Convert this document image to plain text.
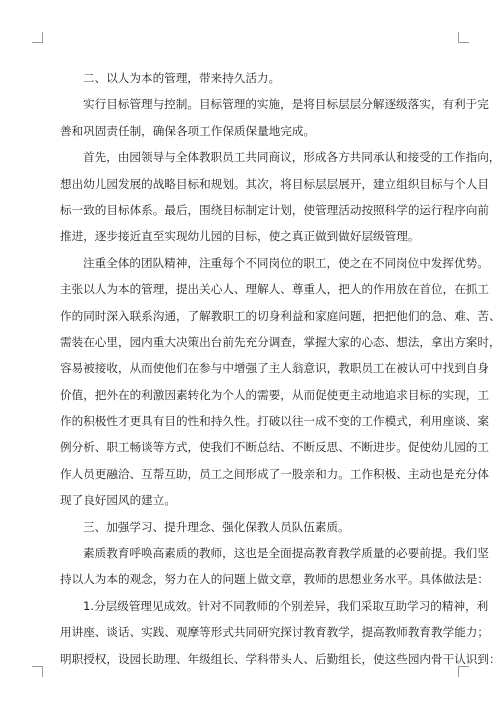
二、以人为本的管理，带来持久活力。
实行目标管理与控制。目标管理的实施，是将目标层层分解逐级落实，有利于完
善和巩固责任制，确保各项工作保质保量地完成。
首先，由园领导与全体教职员工共同商议，形成各方共同承认和接受的工作指向，
想出幼儿园发展的战略目标和规划。其次，将目标层层展开，建立组织目标与个人目
标一致的目标体系。最后，围绕目标制定计划，使管理活动按照科学的运行程序向前
推进，逐步接近直至实现幼儿园的目标，使之真正做到做好层级管理。
注重全体的团队精神，注重每个不同岗位的职工，使之在不同岗位中发挥优势。
主张以人为本的管理，提出关心人、理解人、尊重人，把人的作用放在首位，在抓工
作的同时深入联系沟通，了解教职工的切身利益和家庭问题，把把他们的急、难、苦、
需装在心里，园内重大决策出台前先充分调查，掌握大家的心态、想法，拿出方案时，
容易被接收，从而使他们在参与中增强了主人翁意识，教职员工在被认可中找到自身
价值，把外在的利激因素转化为个人的需要，从而促使更主动地追求目标的实现，工
作的积极性才更具有目的性和持久性。打破以往一成不变的工作模式，利用座谈、案
例分析、职工畅谈等方式，使我们不断总结、不断反思、不断进步。促使幼儿园的工
作人员更融洽、互帮互助，员工之间形成了一股亲和力。工作积极、主动也是充分体
现了良好园风的建立。
三、加强学习、提升理念、强化保教人员队伍素质。
素质教育呼唤高素质的教师，这也是全面提高教育教学质量的必要前提。我们坚
持以人为本的观念，努力在人的问题上做文章，教师的思想业务水平。具体做法是：
1.分层级管理见成效。针对不同教师的个别差异，我们采取互助学习的精神，利
用讲座、谈话、实践、观摩等形式共同研究探讨教育教学，提高教师教育教学能力；
明职授权，设园长助理、年级组长、学科带头人、后勤组长，使这些园内骨干认识到：
